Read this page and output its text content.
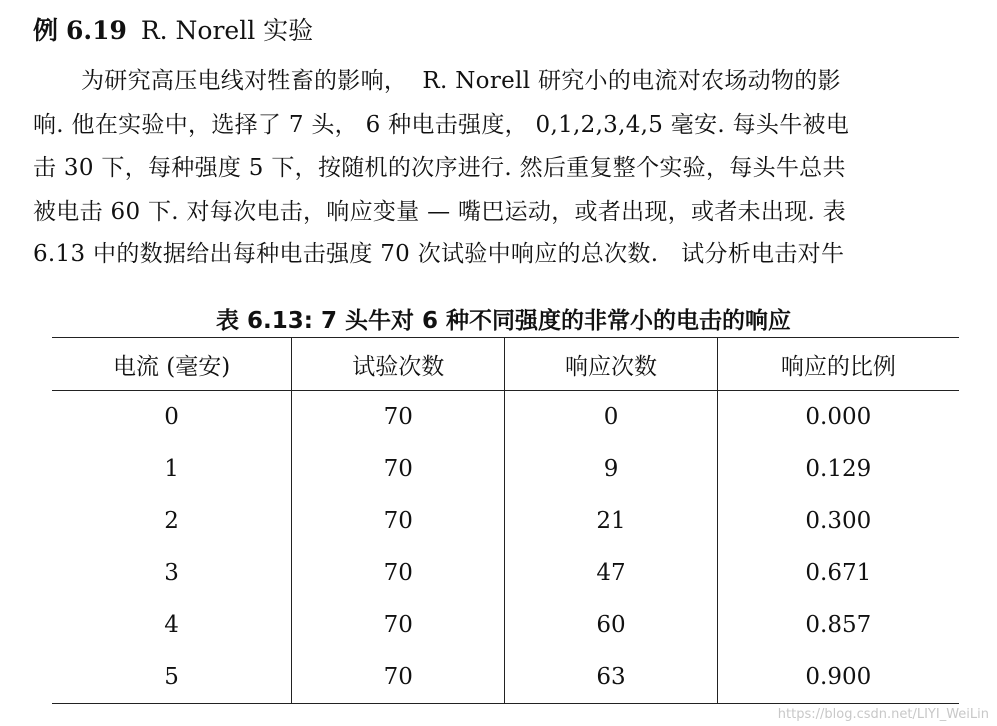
例 6.19 R. Norell 实验
为研究高压电线对牲畜的影响，  R. Norell 研究小的电流对农场动物的影
响. 他在实验中，选择了 7 头， 6 种电击强度， 0,1,2,3,4,5 毫安. 每头牛被电
击 30 下，每种强度 5 下，按随机的次序进行. 然后重复整个实验，每头牛总共
被电击 60 下. 对每次电击，响应变量 — 嘴巴运动，或者出现，或者未出现. 表
6.13 中的数据给出每种电击强度 70 次试验中响应的总次数.   试分析电击对牛
表 6.13: 7 头牛对 6 种不同强度的非常小的电击的响应
电流 (毫安)	试验次数	响应次数	响应的比例
0	70	0	0.000
1	70	9	0.129
2	70	21	0.300
3	70	47	0.671
4	70	60	0.857
5	70	63	0.900
https://blog.csdn.net/LIYI_WeiLin
